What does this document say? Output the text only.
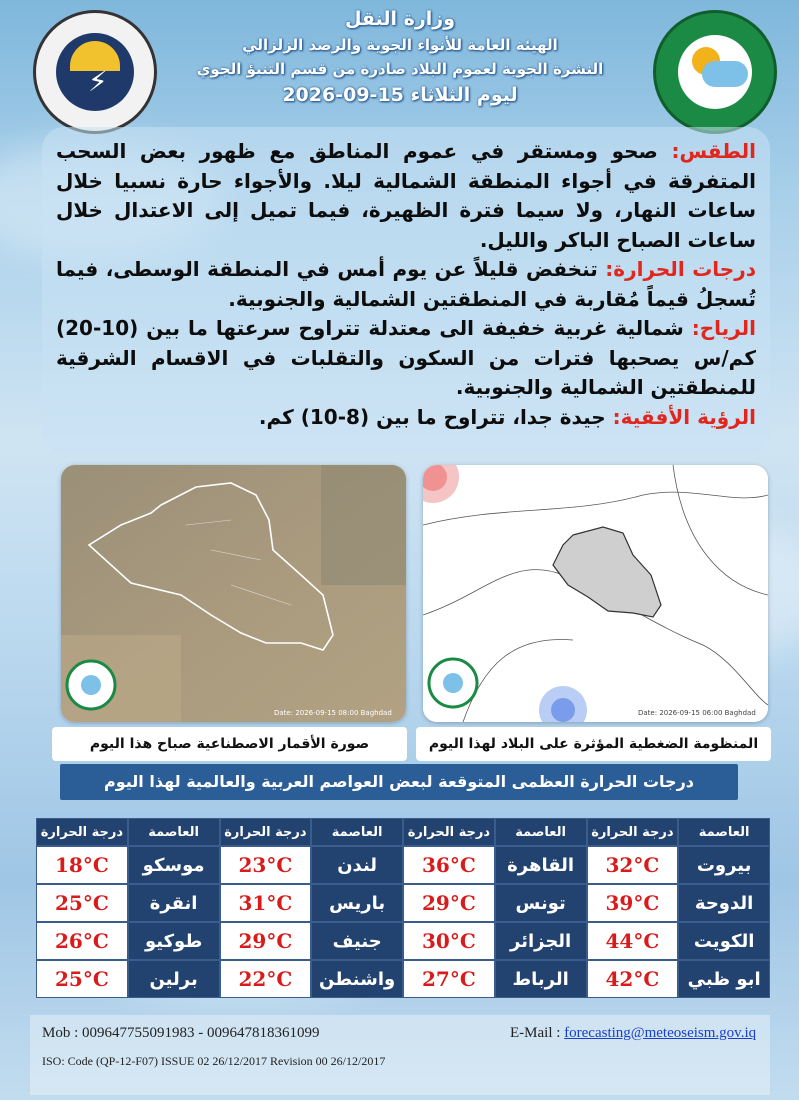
⚡
وزارة النقل
الهيئة العامة للأنواء الجوية والرصد الزلزالي
النشرة الجوية لعموم البلاد صادرة من قسم التنبؤ الجوي
ليوم الثلاثاء 15-09-2026

الطقس: صحو ومستقر في عموم المناطق مع ظهور بعض السحب المتفرقة في أجواء المنطقة الشمالية ليلا. والأجواء حارة نسبيا خلال ساعات النهار، ولا سيما فترة الظهيرة، فيما تميل إلى الاعتدال خلال ساعات الصباح الباكر والليل.

درجات الحرارة: تنخفض قليلاً عن يوم أمس في المنطقة الوسطى، فيما تُسجلُ قيماً مُقاربة في المنطقتين الشمالية والجنوبية.

الرياح: شمالية غربية خفيفة الى معتدلة تتراوح سرعتها ما بين (10-20) كم/س يصحبها فترات من السكون والتقلبات في الاقسام الشرقية للمنطقتين الشمالية والجنوبية.

الرؤية الأفقية: جيدة جدا، تتراوح ما بين (8-10) كم.

Date: 2026-09-15 08:00 Baghdad	Date: 2026-09-15 06:00 Baghdad
صورة الأقمار الاصطناعية صباح هذا اليوم	المنظومة الضغطية المؤثرة على البلاد لهذا اليوم
درجات الحرارة العظمى المتوقعة لبعض العواصم العربية والعالمية لهذا اليوم
العاصمة	درجة الحرارة	العاصمة	درجة الحرارة	العاصمة	درجة الحرارة	العاصمة	درجة الحرارة
بيروت	32°C	القاهرة	36°C	لندن	23°C	موسكو	18°C
الدوحة	39°C	تونس	29°C	باريس	31°C	انقرة	25°C
الكويت	44°C	الجزائر	30°C	جنيف	29°C	طوكيو	26°C
ابو ظبي	42°C	الرباط	27°C	واشنطن	22°C	برلين	25°C
Mob : 009647755091983 - 009647818361099	E-Mail : forecasting@meteoseism.gov.iq
ISO: Code (QP-12-F07) ISSUE 02 26/12/2017 Revision 00 26/12/2017
